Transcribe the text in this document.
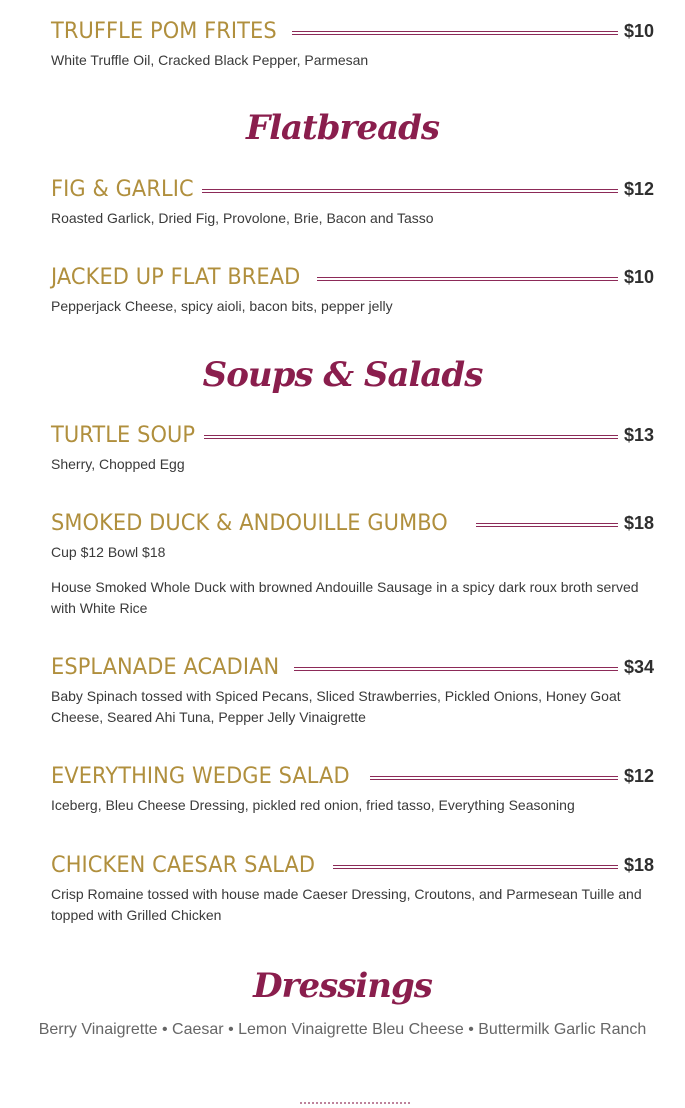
TRUFFLE POM FRITES	$10
White Truffle Oil, Cracked Black Pepper, Parmesan
Flatbreads
FIG & GARLIC	$12
Roasted Garlick, Dried Fig, Provolone, Brie, Bacon and Tasso
JACKED UP FLAT BREAD	$10
Pepperjack Cheese, spicy aioli, bacon bits, pepper jelly
Soups & Salads
TURTLE SOUP	$13
Sherry, Chopped Egg
SMOKED DUCK & ANDOUILLE GUMBO	$18
Cup $12 Bowl $18
House Smoked Whole Duck with browned Andouille Sausage in a spicy dark roux broth served with White Rice
ESPLANADE ACADIAN	$34
Baby Spinach tossed with Spiced Pecans, Sliced Strawberries, Pickled Onions, Honey Goat Cheese, Seared Ahi Tuna, Pepper Jelly Vinaigrette
EVERYTHING WEDGE SALAD	$12
Iceberg, Bleu Cheese Dressing, pickled red onion, fried tasso, Everything Seasoning
CHICKEN CAESAR SALAD	$18
Crisp Romaine tossed with house made Caeser Dressing, Croutons, and Parmesean Tuille and topped with Grilled Chicken
Dressings
Berry Vinaigrette • Caesar • Lemon Vinaigrette Bleu Cheese • Buttermilk Garlic Ranch
